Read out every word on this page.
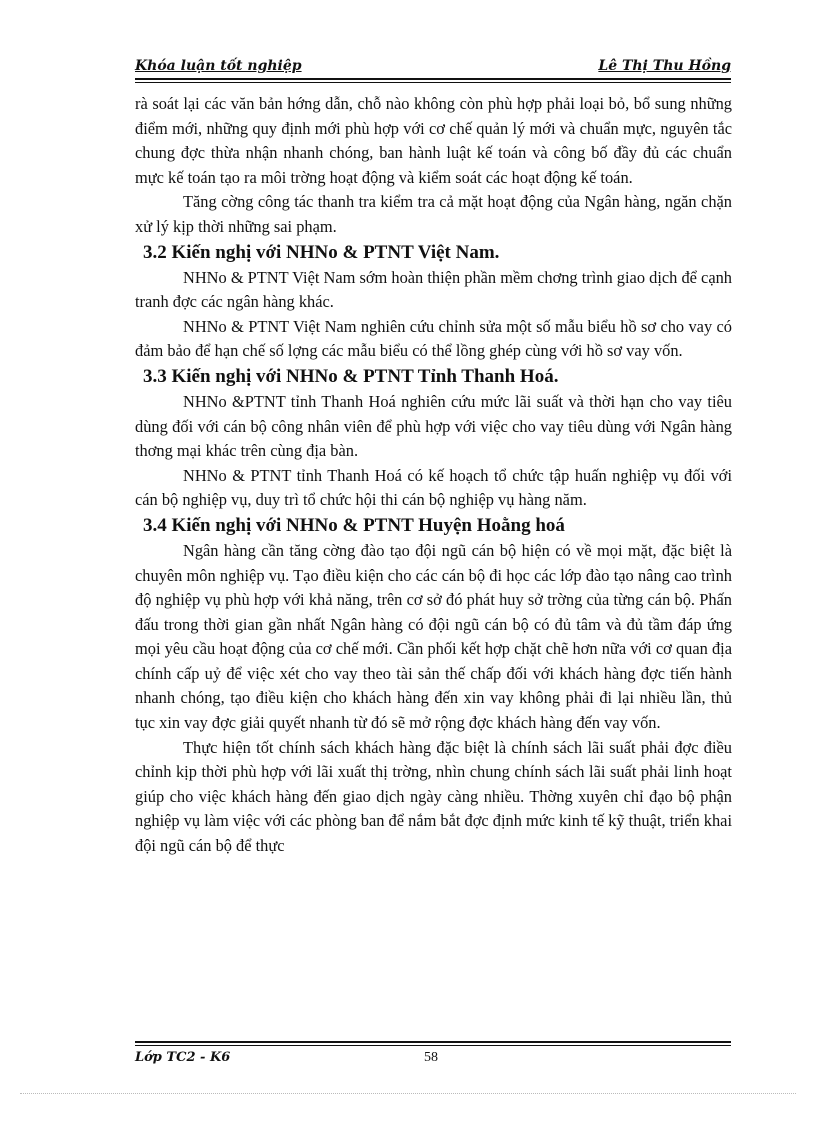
Khóa luận tốt nghiệp	Lê Thị Thu Hồng

rà soát lại các văn bản hớng dẫn, chỗ nào không còn phù hợp phải loại bỏ, bổ sung những điểm mới, những quy định mới phù hợp với cơ chế quản lý mới và chuẩn mực, nguyên tắc chung đợc thừa nhận nhanh chóng, ban hành luật kế toán và công bố đầy đủ các chuẩn mực kế toán tạo ra môi trờng hoạt động và kiểm soát các hoạt động kế toán.

Tăng cờng công tác thanh tra kiểm tra cả mặt hoạt động của Ngân hàng, ngăn chặn xử lý kịp thời những sai phạm.

3.2 Kiến nghị với NHNo & PTNT Việt Nam.

NHNo & PTNT Việt Nam sớm hoàn thiện phần mềm chơng trình giao dịch để cạnh tranh đợc các ngân hàng khác.

NHNo & PTNT Việt Nam nghiên cứu chỉnh sửa một số mẫu biểu hồ sơ cho vay có đảm bảo để hạn chế số lợng các mẫu biểu có thể lồng ghép cùng với hồ sơ vay vốn.

3.3 Kiến nghị với NHNo & PTNT Tỉnh Thanh Hoá.

NHNo &PTNT tỉnh Thanh Hoá nghiên cứu mức lãi suất và thời hạn cho vay tiêu dùng đối với cán bộ công nhân viên để phù hợp với việc cho vay tiêu dùng với Ngân hàng thơng mại khác trên cùng địa bàn.

NHNo & PTNT tỉnh Thanh Hoá có kế hoạch tổ chức tập huấn nghiệp vụ đối với cán bộ nghiệp vụ, duy trì tổ chức hội thi cán bộ nghiệp vụ hàng năm.

3.4 Kiến nghị với NHNo & PTNT Huyện Hoằng hoá

Ngân hàng cần tăng cờng đào tạo đội ngũ cán bộ hiện có về mọi mặt, đặc biệt là chuyên môn nghiệp vụ. Tạo điều kiện cho các cán bộ đi học các lớp đào tạo nâng cao trình độ nghiệp vụ phù hợp với khả năng, trên cơ sở đó phát huy sở trờng của từng cán bộ. Phấn đấu trong thời gian gần nhất Ngân hàng có đội ngũ cán bộ có đủ tâm và đủ tầm đáp ứng mọi yêu cầu hoạt động của cơ chế mới. Cần phối kết hợp chặt chẽ hơn nữa với cơ quan địa chính cấp uỷ để việc xét cho vay theo tài sản thế chấp đối với khách hàng đợc tiến hành nhanh chóng, tạo điều kiện cho khách hàng đến xin vay không phải đi lại nhiều lần, thủ tục xin vay đợc giải quyết nhanh từ đó sẽ mở rộng đợc khách hàng đến vay vốn.

Thực hiện tốt chính sách khách hàng đặc biệt là chính sách lãi suất phải đợc điều chỉnh kịp thời phù hợp với lãi xuất thị trờng, nhìn chung chính sách lãi suất phải linh hoạt giúp cho việc khách hàng đến giao dịch ngày càng nhiều. Thờng xuyên chỉ đạo bộ phận nghiệp vụ làm việc với các phòng ban để nắm bắt đợc định mức kinh tế kỹ thuật, triển khai đội ngũ cán bộ để thực

Lớp TC2 - K6	58
